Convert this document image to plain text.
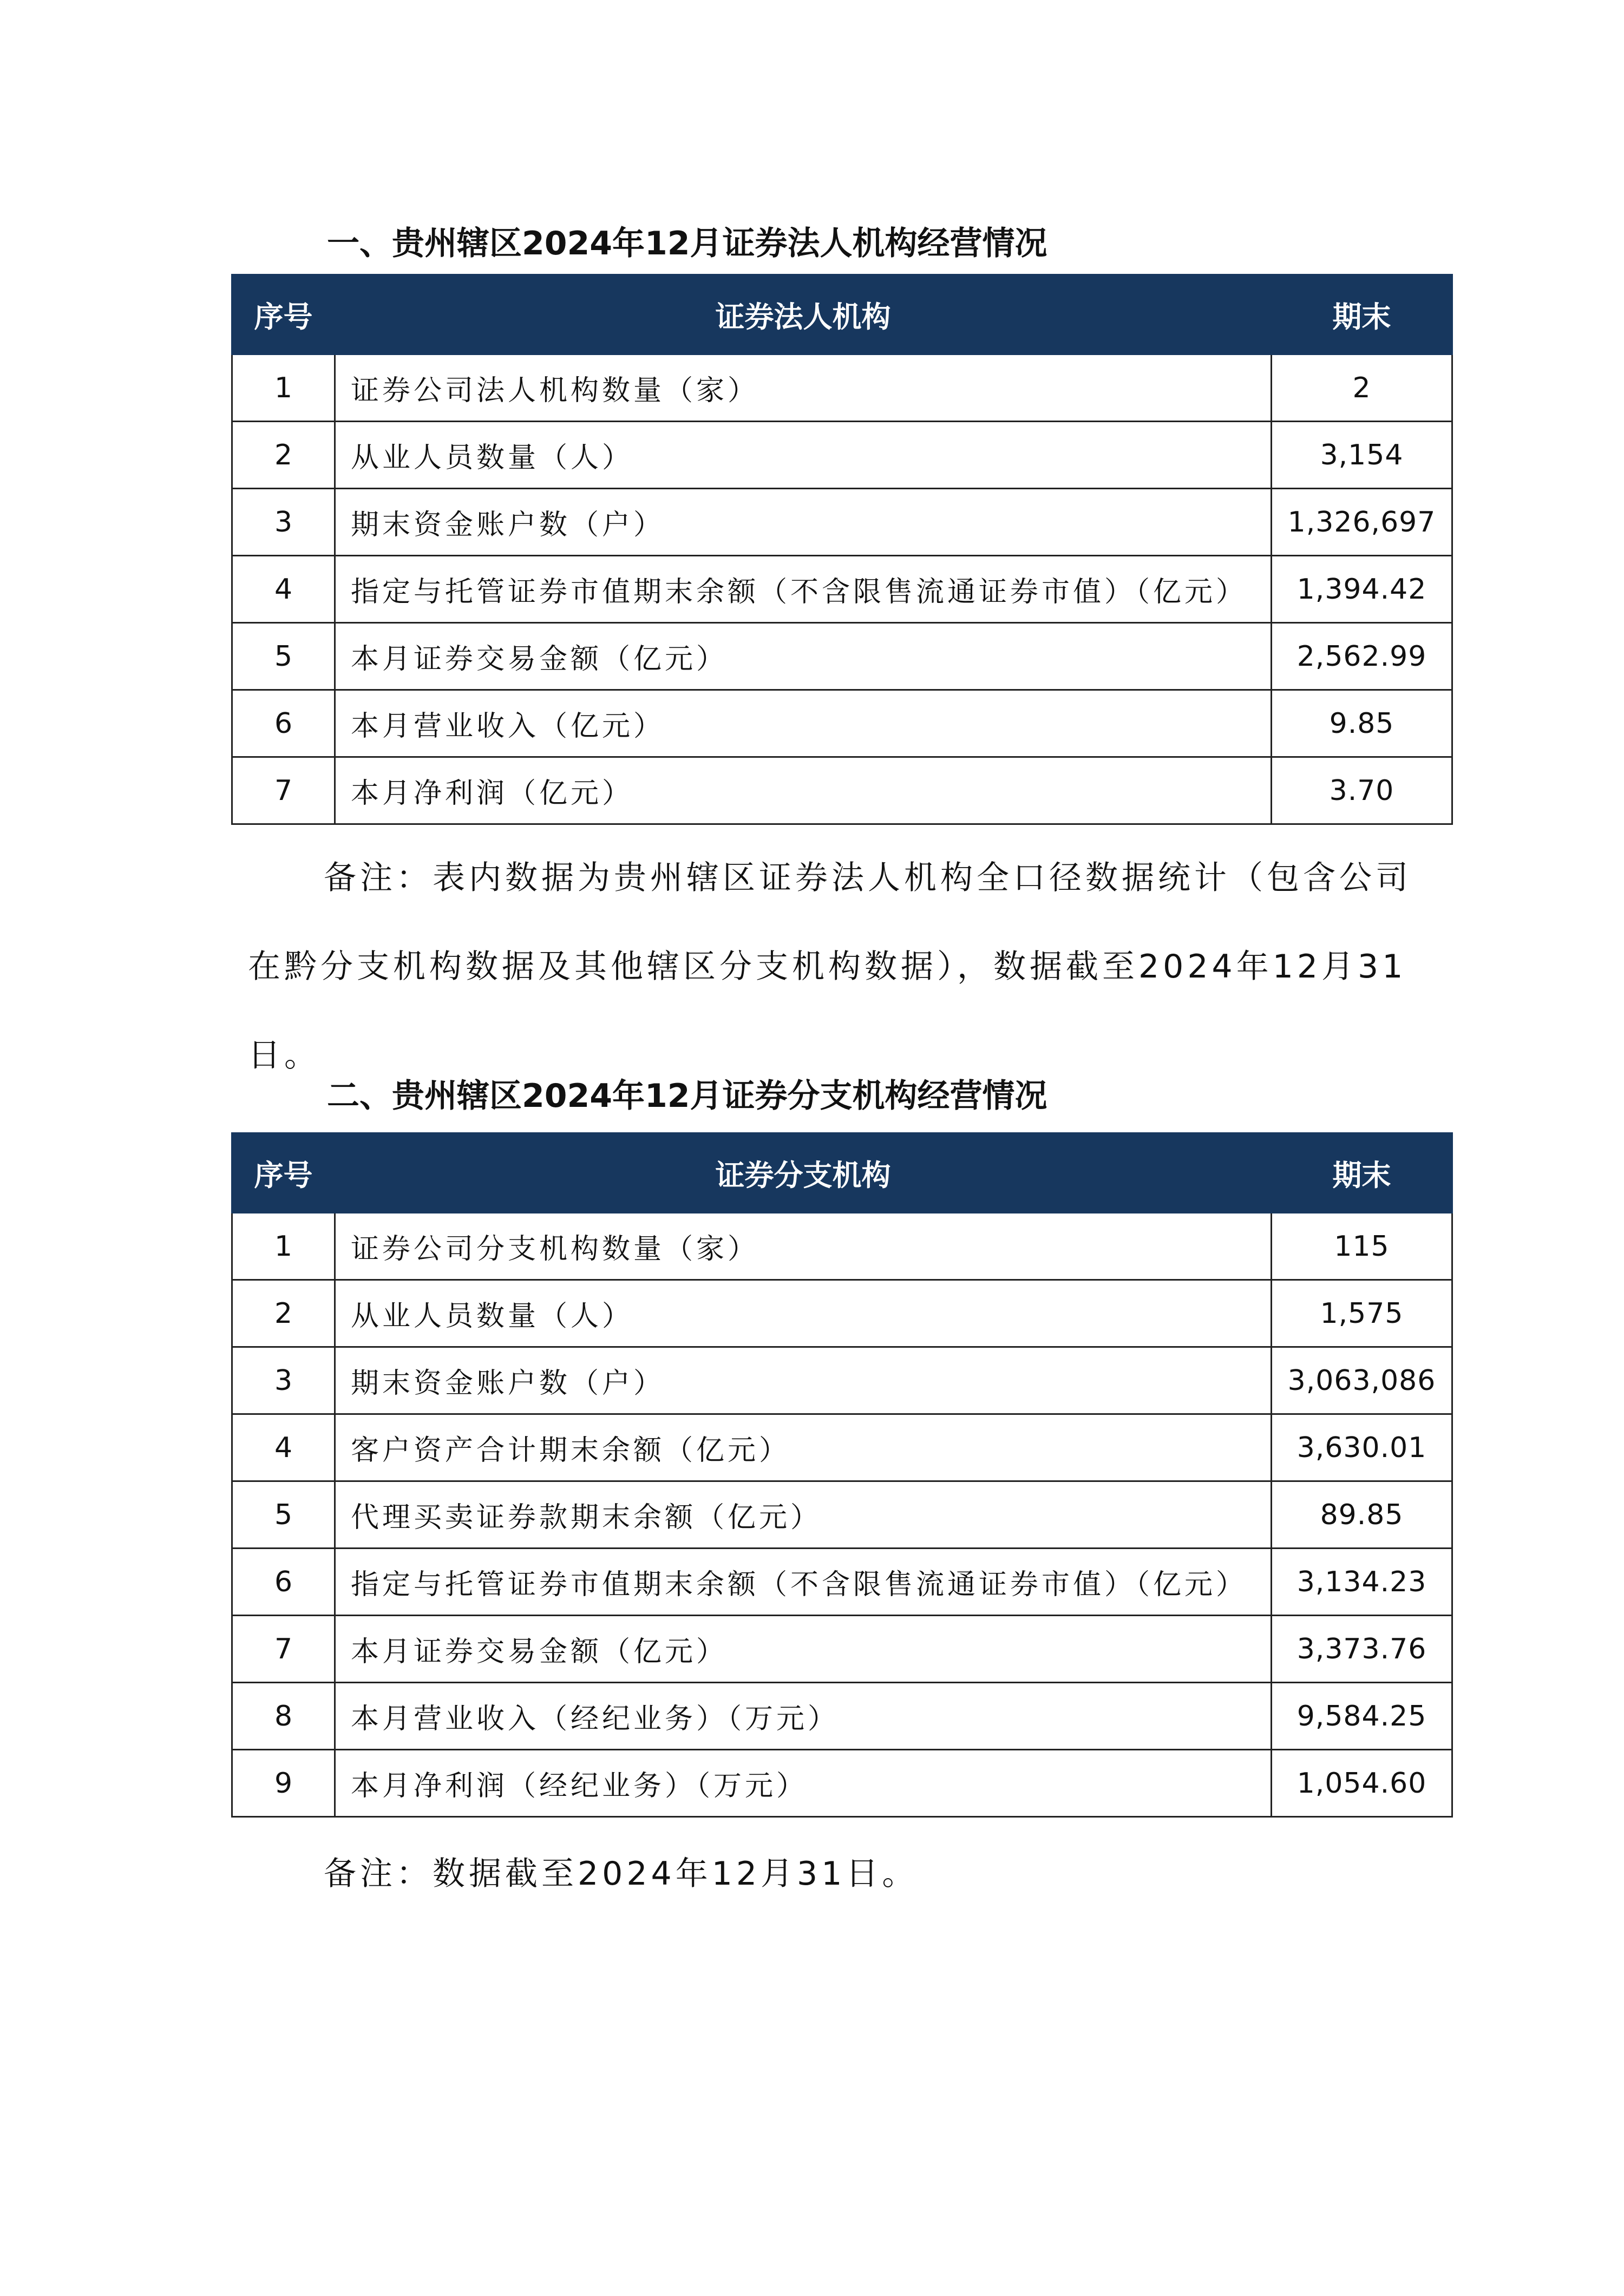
一、贵州辖区2024年12月证券法人机构经营情况
序号	证券法人机构	期末
1	证券公司法人机构数量（家）	2
2	从业人员数量（人）	3,154
3	期末资金账户数（户）	1,326,697
4	指定与托管证券市值期末余额（不含限售流通证券市值）（亿元）	1,394.42
5	本月证券交易金额（亿元）	2,562.99
6	本月营业收入（亿元）	9.85
7	本月净利润（亿元）	3.70

备注：表内数据为贵州辖区证券法人机构全口径数据统计（包含公司在黔分支机构数据及其他辖区分支机构数据），数据截至2024年12月31日。

二、贵州辖区2024年12月证券分支机构经营情况
序号	证券分支机构	期末
1	证券公司分支机构数量（家）	115
2	从业人员数量（人）	1,575
3	期末资金账户数（户）	3,063,086
4	客户资产合计期末余额（亿元）	3,630.01
5	代理买卖证券款期末余额（亿元）	89.85
6	指定与托管证券市值期末余额（不含限售流通证券市值）（亿元）	3,134.23
7	本月证券交易金额（亿元）	3,373.76
8	本月营业收入（经纪业务）（万元）	9,584.25
9	本月净利润（经纪业务）（万元）	1,054.60

备注：数据截至2024年12月31日。
